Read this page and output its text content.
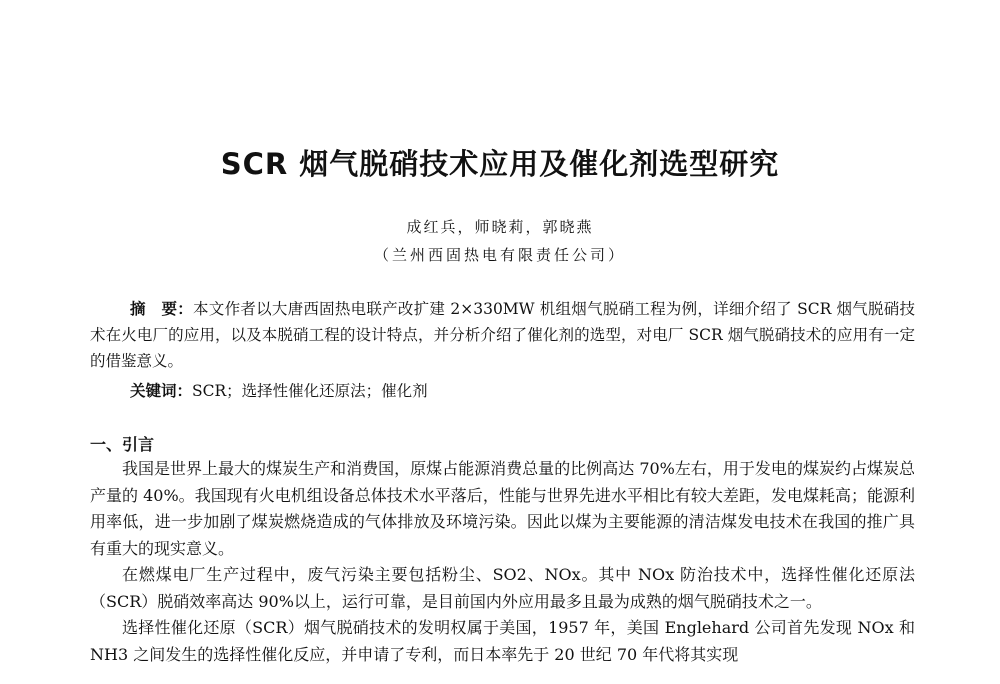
SCR 烟气脱硝技术应用及催化剂选型研究
成红兵，师晓莉，郭晓燕
（兰州西固热电有限责任公司）
摘　要：本文作者以大唐西固热电联产改扩建 2×330MW 机组烟气脱硝工程为例，详细介绍了 SCR 烟气脱硝技术在火电厂的应用，以及本脱硝工程的设计特点，并分析介绍了催化剂的选型，对电厂 SCR 烟气脱硝技术的应用有一定的借鉴意义。
关键词：SCR；选择性催化还原法；催化剂
一、引言

我国是世界上最大的煤炭生产和消费国，原煤占能源消费总量的比例高达 70%左右，用于发电的煤炭约占煤炭总产量的 40%。我国现有火电机组设备总体技术水平落后，性能与世界先进水平相比有较大差距，发电煤耗高；能源利用率低，进一步加剧了煤炭燃烧造成的气体排放及环境污染。因此以煤为主要能源的清洁煤发电技术在我国的推广具有重大的现实意义。

在燃煤电厂生产过程中，废气污染主要包括粉尘、SO2、NOx。其中 NOx 防治技术中，选择性催化还原法（SCR）脱硝效率高达 90%以上，运行可靠，是目前国内外应用最多且最为成熟的烟气脱硝技术之一。

选择性催化还原（SCR）烟气脱硝技术的发明权属于美国，1957 年，美国 Englehard 公司首先发现 NOx 和 NH3 之间发生的选择性催化反应，并申请了专利，而日本率先于 20 世纪 70 年代将其实现
